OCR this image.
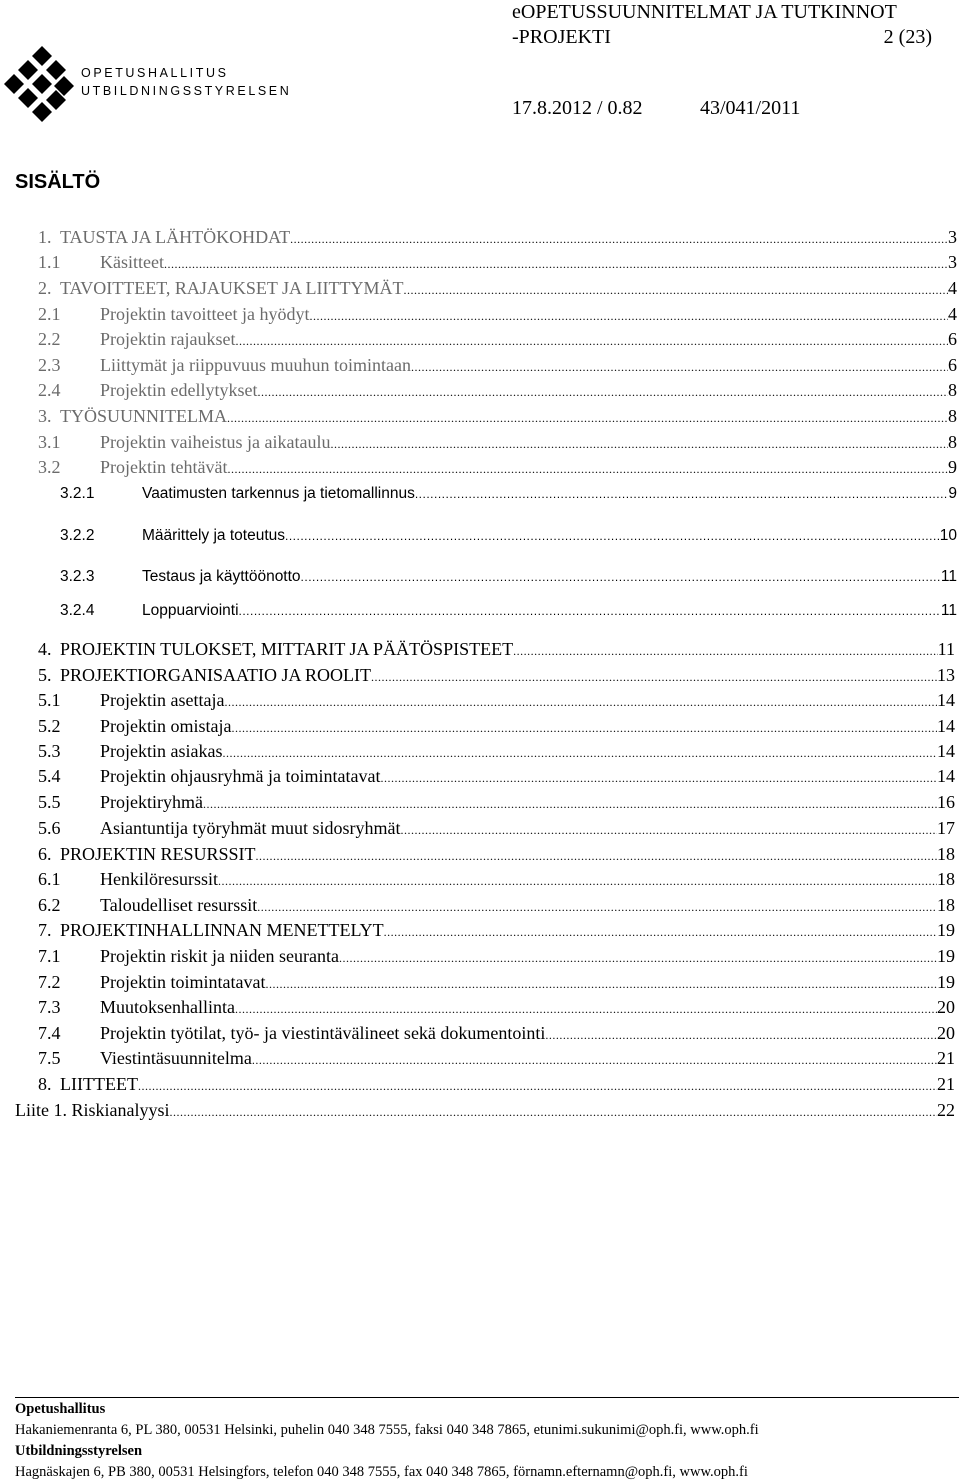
OPETUSHALLITUS
UTBILDNINGSSTYRELSEN
eOPETUSSUUNNITELMAT JA TUTKINNOT
-PROJEKTI	2 (23)
17.8.2012 / 0.82	43/041/2011
SISÄLTÖ
1. TAUSTA JA LÄHTÖKOHDAT .....	3
1.1	Käsitteet .....	3
2. TAVOITTEET, RAJAUKSET JA LIITTYMÄT .....	4
2.1	Projektin tavoitteet ja hyödyt .....	4
2.2	Projektin rajaukset .....	6
2.3	Liittymät ja riippuvuus muuhun toimintaan .....	6
2.4	Projektin edellytykset .....	8
3. TYÖSUUNNITELMA .....	8
3.1	Projektin vaiheistus ja aikataulu .....	8
3.2	Projektin tehtävät .....	9
3.2.1	Vaatimusten tarkennus ja tietomallinnus .....	9
3.2.2	Määrittely ja toteutus .....	10
3.2.3	Testaus ja käyttöönotto .....	11
3.2.4	Loppuarviointi .....	11
4. PROJEKTIN TULOKSET, MITTARIT JA PÄÄTÖSPISTEET .....	11
5. PROJEKTIORGANISAATIO JA ROOLIT .....	13
5.1	Projektin asettaja .....	14
5.2	Projektin omistaja .....	14
5.3	Projektin asiakas .....	14
5.4	Projektin ohjausryhmä ja toimintatavat .....	14
5.5	Projektiryhmä .....	16
5.6	Asiantuntija työryhmät muut sidosryhmät .....	17
6. PROJEKTIN RESURSSIT .....	18
6.1	Henkilöresurssit .....	18
6.2	Taloudelliset resurssit .....	18
7. PROJEKTINHALLINNAN MENETTELYT .....	19
7.1	Projektin riskit ja niiden seuranta .....	19
7.2	Projektin toimintatavat .....	19
7.3	Muutoksenhallinta .....	20
7.4	Projektin työtilat, työ- ja viestintävälineet sekä dokumentointi .....	20
7.5	Viestintäsuunnitelma .....	21
8. LIITTEET .....	21
Liite 1. Riskianalyysi .....	22
Opetushallitus
Hakaniemenranta 6, PL 380, 00531 Helsinki, puhelin 040 348 7555, faksi 040 348 7865, etunimi.sukunimi@oph.fi, www.oph.fi
Utbildningsstyrelsen
Hagnäskajen 6, PB 380, 00531 Helsingfors, telefon 040 348 7555, fax 040 348 7865, förnamn.efternamn@oph.fi, www.oph.fi
